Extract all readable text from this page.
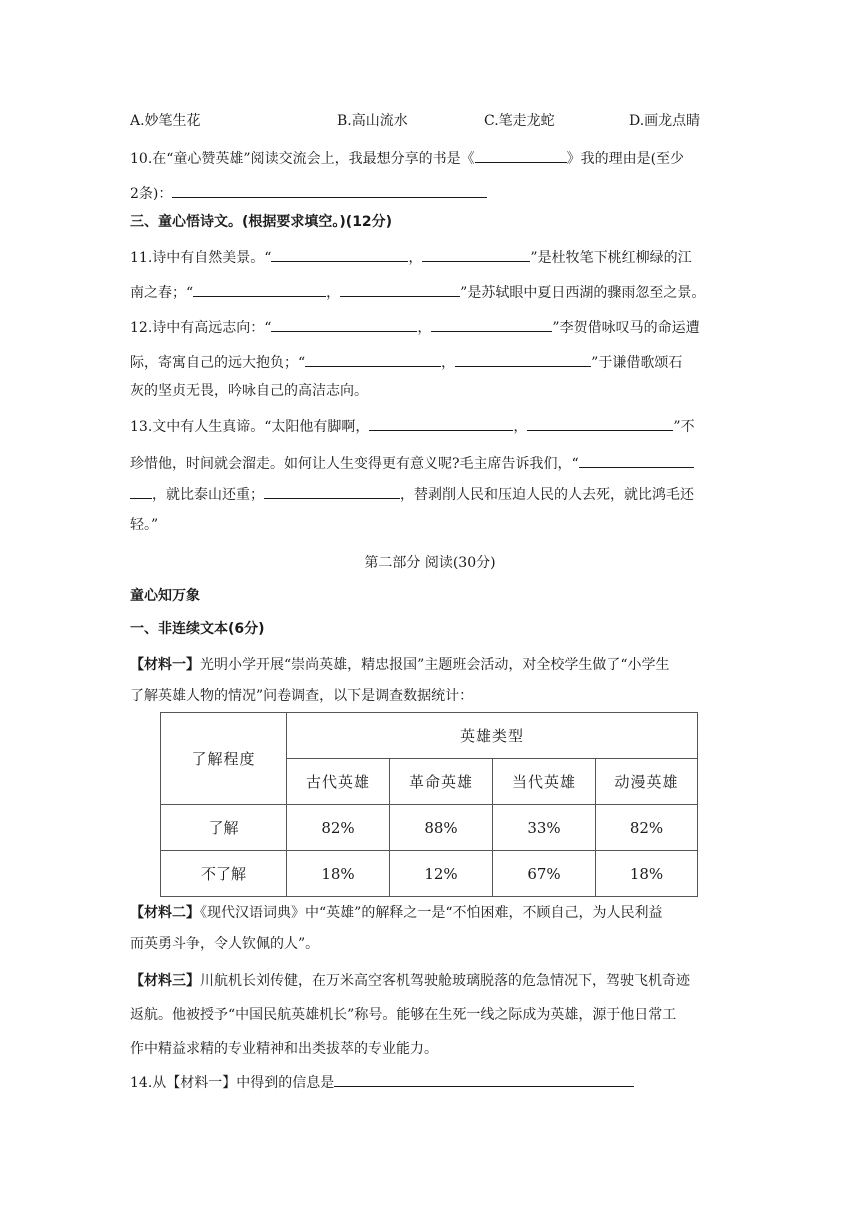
A.妙笔生花	B.高山流水	C.笔走龙蛇	D.画龙点睛
10.在“童心赞英雄”阅读交流会上，我最想分享的书是《	》我的理由是(至少
2条)：
三、童心悟诗文。(根据要求填空。)(12分)
11.诗中有自然美景。“	，	”是杜牧笔下桃红柳绿的江
南之春；“	，	”是苏轼眼中夏日西湖的骤雨忽至之景。
12.诗中有高远志向：“	，	”李贺借咏叹马的命运遭
际，寄寓自己的远大抱负；“	，	”于谦借歌颂石
灰的坚贞无畏，吟咏自己的高洁志向。
13.文中有人生真谛。“太阳他有脚啊，	，	”不
珍惜他，时间就会溜走。如何让人生变得更有意义呢?毛主席告诉我们，“
，就比泰山还重；	，替剥削人民和压迫人民的人去死，就比鸿毛还
轻。”
第二部分 阅读(30分)
童心知万象
一、非连续文本(6分)
【材料一】光明小学开展“崇尚英雄，精忠报国”主题班会活动，对全校学生做了“小学生
了解英雄人物的情况”问卷调查，以下是调查数据统计：
了解程度	英雄类型			
	古代英雄	革命英雄	当代英雄	动漫英雄
了解	82%	88%	33%	82%
不了解	18%	12%	67%	18%
【材料二】《现代汉语词典》中“英雄”的解释之一是“不怕困难，不顾自己，为人民利益
而英勇斗争，令人钦佩的人”。
【材料三】川航机长刘传健，在万米高空客机驾驶舱玻璃脱落的危急情况下，驾驶飞机奇迹
返航。他被授予“中国民航英雄机长”称号。能够在生死一线之际成为英雄，源于他日常工
作中精益求精的专业精神和出类拔萃的专业能力。
14.从【材料一】中得到的信息是
